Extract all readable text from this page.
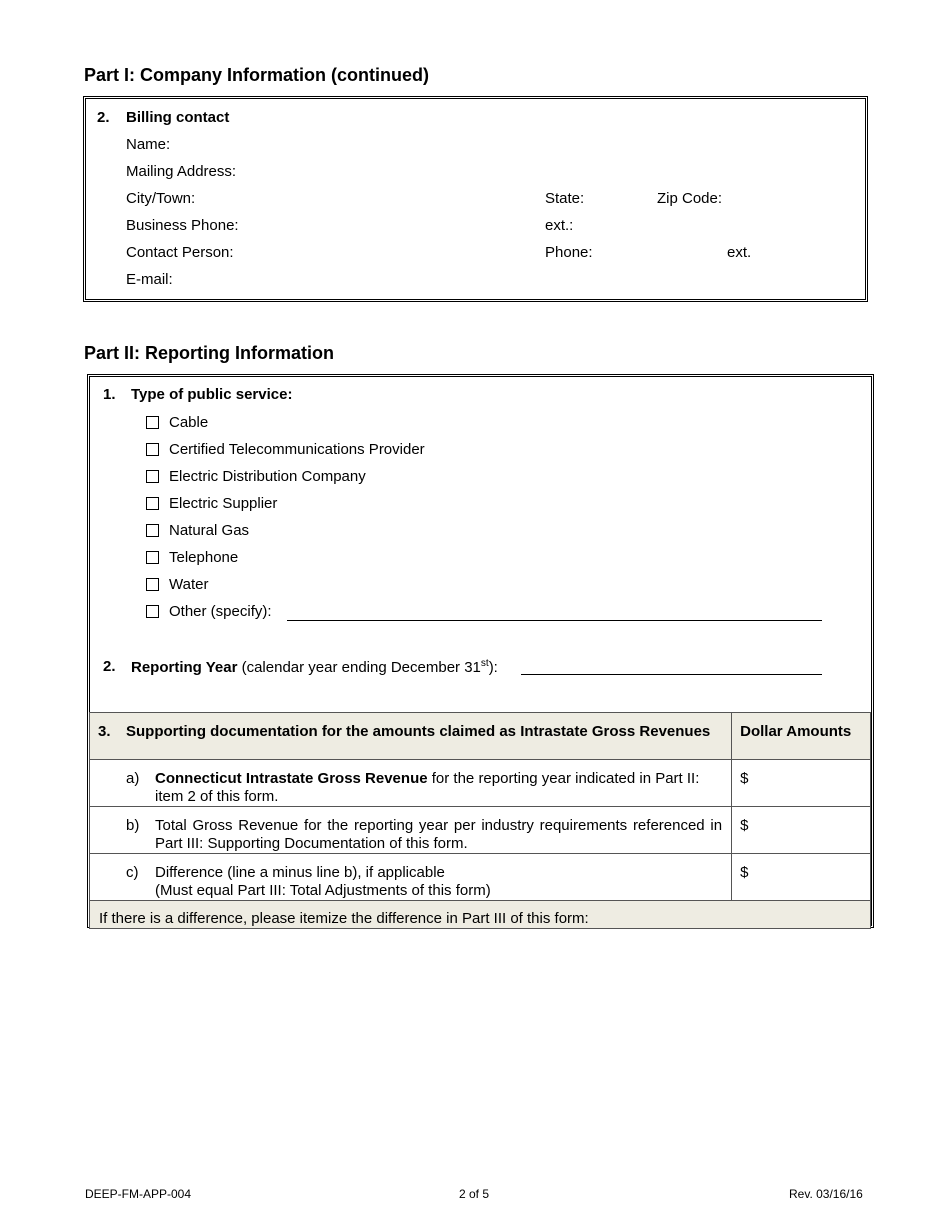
Part I: Company Information (continued)
2. Billing contact
Name:
Mailing Address:
City/Town:	State:	Zip Code:
Business Phone:	ext.:
Contact Person:	Phone:	ext.
E-mail:
Part II: Reporting Information
1. Type of public service:
Cable
Certified Telecommunications Provider
Electric Distribution Company
Electric Supplier
Natural Gas
Telephone
Water
Other (specify):
2. Reporting Year (calendar year ending December 31st):
3. Supporting documentation for the amounts claimed as Intrastate Gross Revenues	Dollar Amounts

a) Connecticut Intrastate Gross Revenue for the reporting year indicated in Part II: item 2 of this form.	$

b) Total Gross Revenue for the reporting year per industry requirements referenced in Part III: Supporting Documentation of this form.	$

c) Difference (line a minus line b), if applicable
(Must equal Part III: Total Adjustments of this form)	$

If there is a difference, please itemize the difference in Part III of this form:	
DEEP-FM-APP-004	2 of 5	Rev. 03/16/16
